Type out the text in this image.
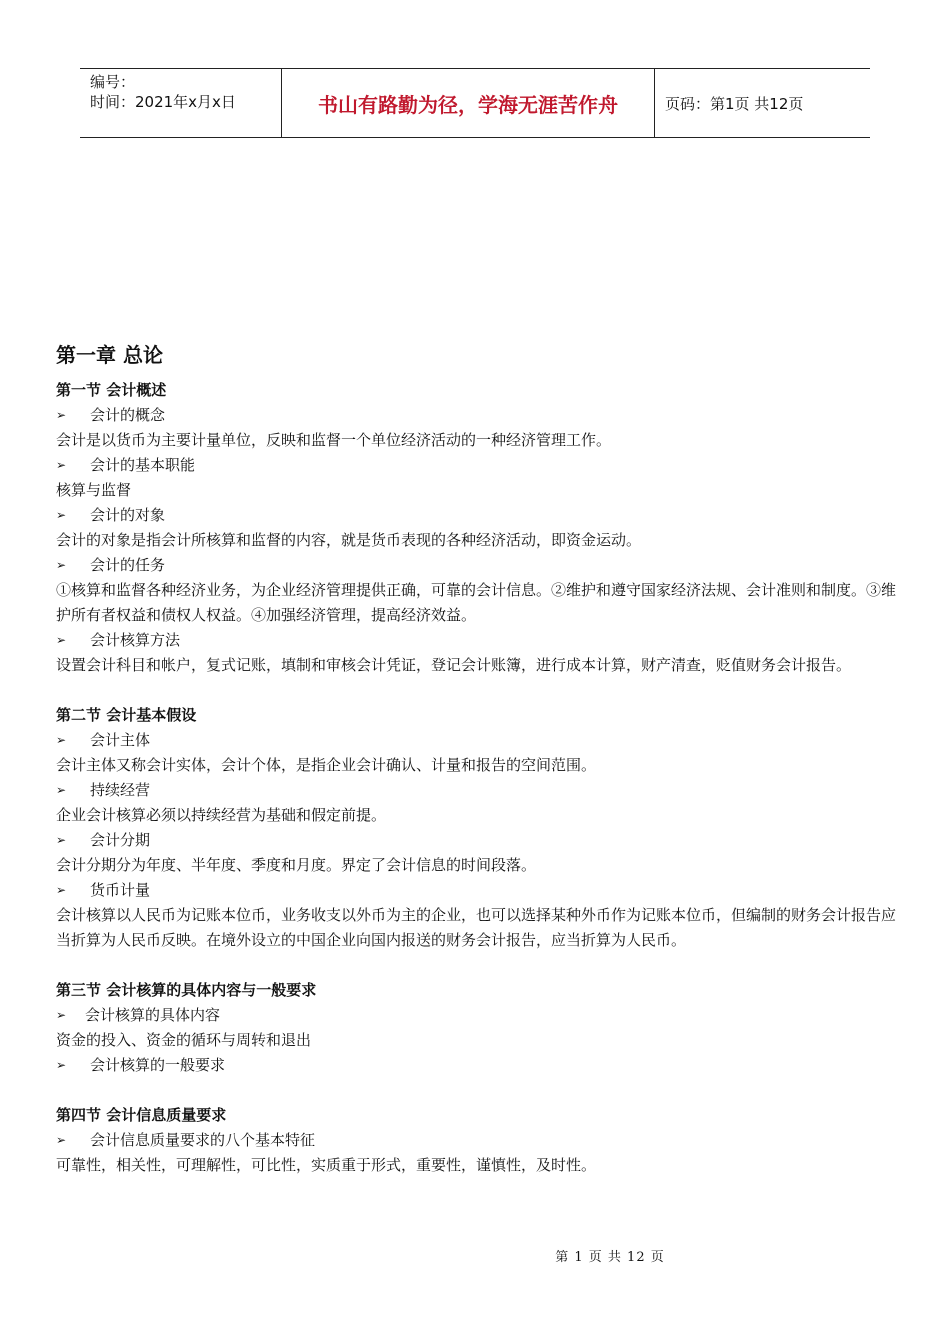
编号：
时间：2021年x月x日	书山有路勤为径，学海无涯苦作舟	页码：第1页 共12页
第一章 总论
第一节 会计概述
➢	会计的概念
会计是以货币为主要计量单位，反映和监督一个单位经济活动的一种经济管理工作。
➢	会计的基本职能
核算与监督
➢	会计的对象
会计的对象是指会计所核算和监督的内容，就是货币表现的各种经济活动，即资金运动。
➢	会计的任务
①核算和监督各种经济业务，为企业经济管理提供正确，可靠的会计信息。②维护和遵守国家经济法规、会计准则和制度。③维护所有者权益和债权人权益。④加强经济管理，提高经济效益。
➢	会计核算方法
设置会计科目和帐户，复式记账，填制和审核会计凭证，登记会计账簿，进行成本计算，财产清查，贬值财务会计报告。
第二节 会计基本假设
➢	会计主体
会计主体又称会计实体，会计个体，是指企业会计确认、计量和报告的空间范围。
➢	持续经营
企业会计核算必须以持续经营为基础和假定前提。
➢	会计分期
会计分期分为年度、半年度、季度和月度。界定了会计信息的时间段落。
➢	货币计量
会计核算以人民币为记账本位币，业务收支以外币为主的企业，也可以选择某种外币作为记账本位币，但编制的财务会计报告应当折算为人民币反映。在境外设立的中国企业向国内报送的财务会计报告，应当折算为人民币。
第三节 会计核算的具体内容与一般要求
➢	会计核算的具体内容
资金的投入、资金的循环与周转和退出
➢	会计核算的一般要求
第四节 会计信息质量要求
➢	会计信息质量要求的八个基本特征
可靠性，相关性，可理解性，可比性，实质重于形式，重要性，谨慎性，及时性。
第 1 页 共 12 页
